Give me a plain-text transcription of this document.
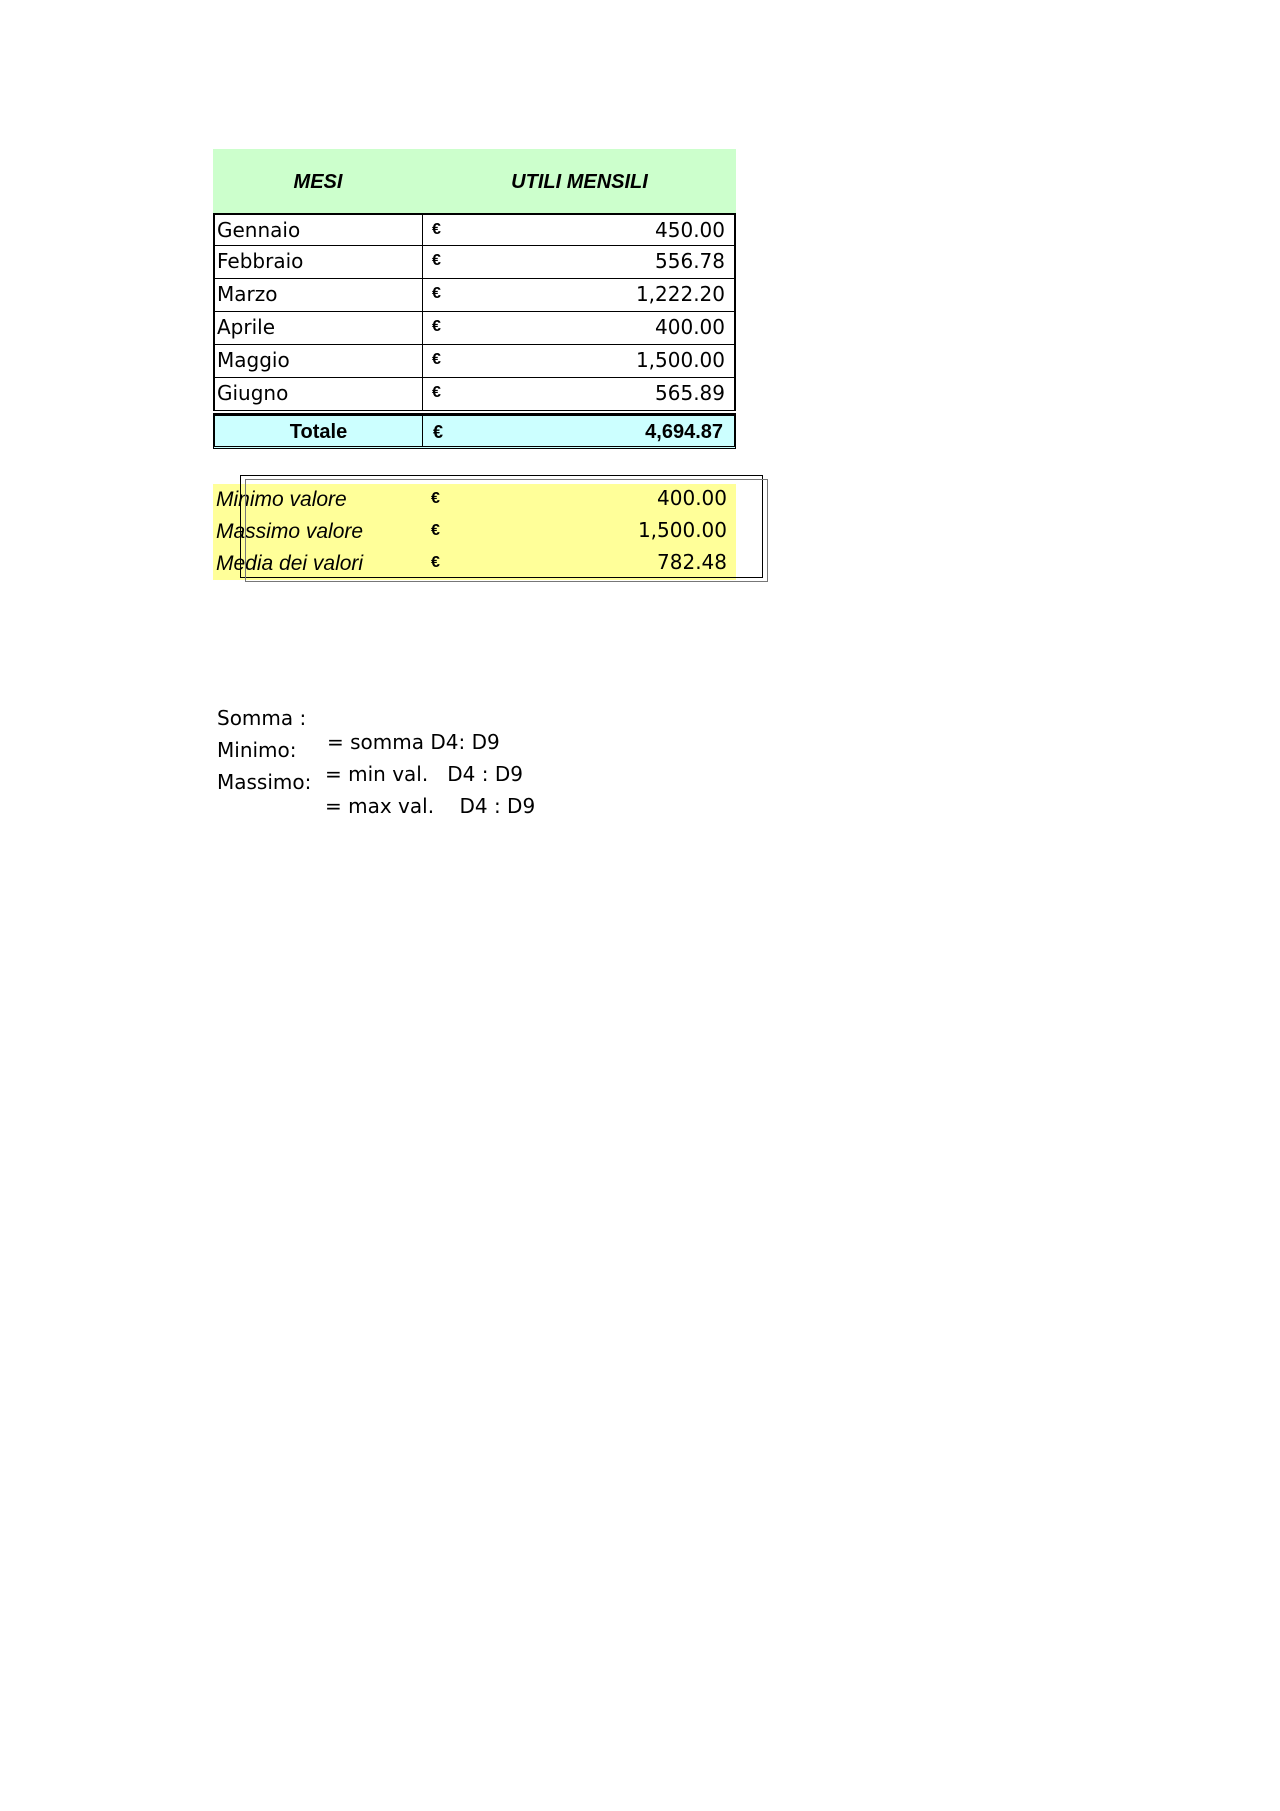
MESI	UTILI MENSILI
Gennaio	€	450.00
Febbraio	€	556.78
Marzo	€	1,222.20
Aprile	€	400.00
Maggio	€	1,500.00
Giugno	€	565.89
Totale	€	4,694.87
Minimo valore	€	400.00
Massimo valore	€	1,500.00
Media dei valori	€	782.48

Somma :

= somma D4: D9

Minimo:

= min val.   D4 : D9

Massimo:

= max val.    D4 : D9
